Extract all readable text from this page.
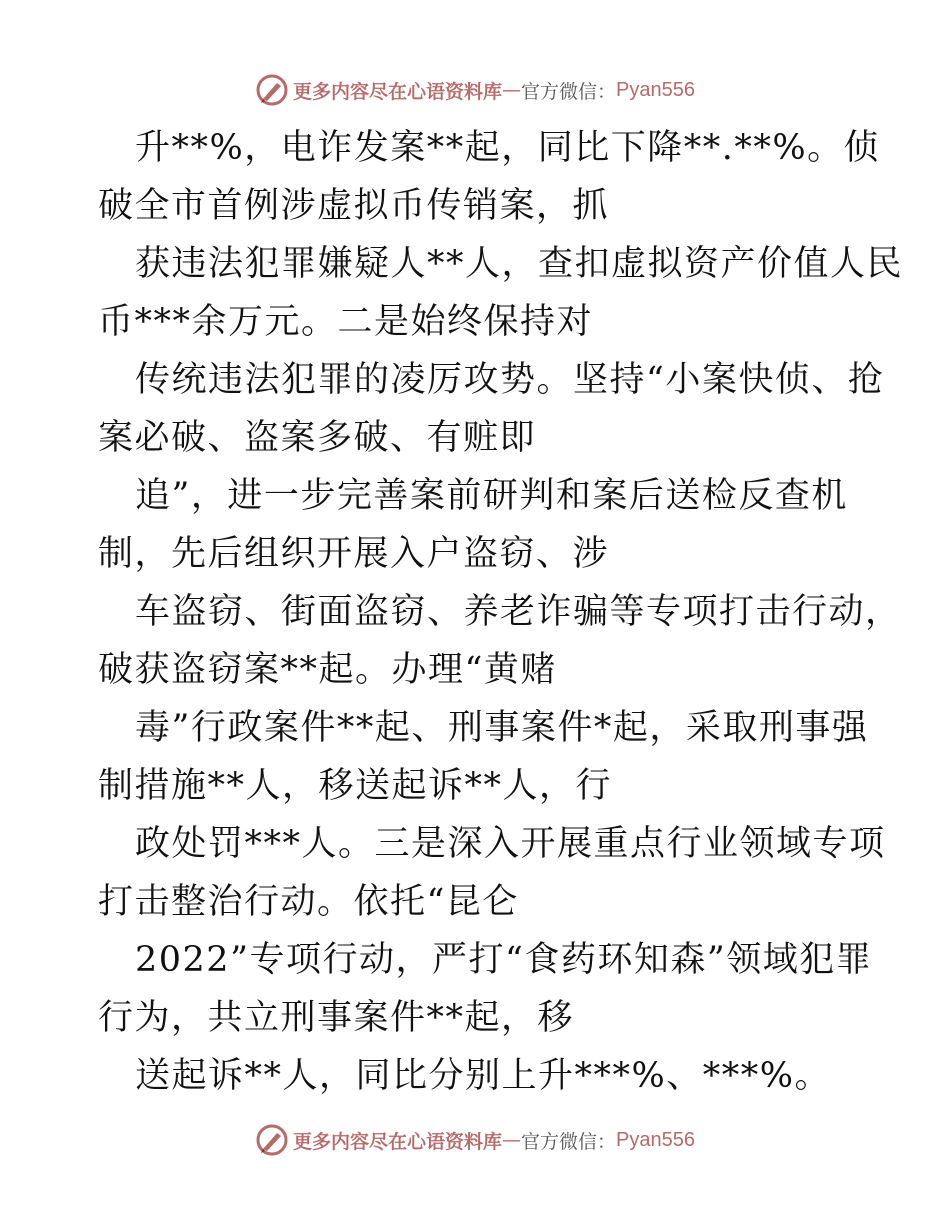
更多内容尽在心语资料库 — 官方微信： Pyan556
升**%，电诈发案**起，同比下降**.**%。侦
破全市首例涉虚拟币传销案，抓
获违法犯罪嫌疑人**人，查扣虚拟资产价值人民
币***余万元。二是始终保持对
传统违法犯罪的凌厉攻势。坚持“小案快侦、抢
案必破、盗案多破、有赃即
追”，进一步完善案前研判和案后送检反查机
制，先后组织开展入户盗窃、涉
车盗窃、街面盗窃、养老诈骗等专项打击行动，
破获盗窃案**起。办理“黄赌
毒”行政案件**起、刑事案件*起，采取刑事强
制措施**人，移送起诉**人，行
政处罚***人。三是深入开展重点行业领域专项
打击整治行动。依托“昆仑
2022”专项行动，严打“食药环知森”领域犯罪
行为，共立刑事案件**起，移
送起诉**人，同比分别上升***%、***%。
更多内容尽在心语资料库 — 官方微信： Pyan556
